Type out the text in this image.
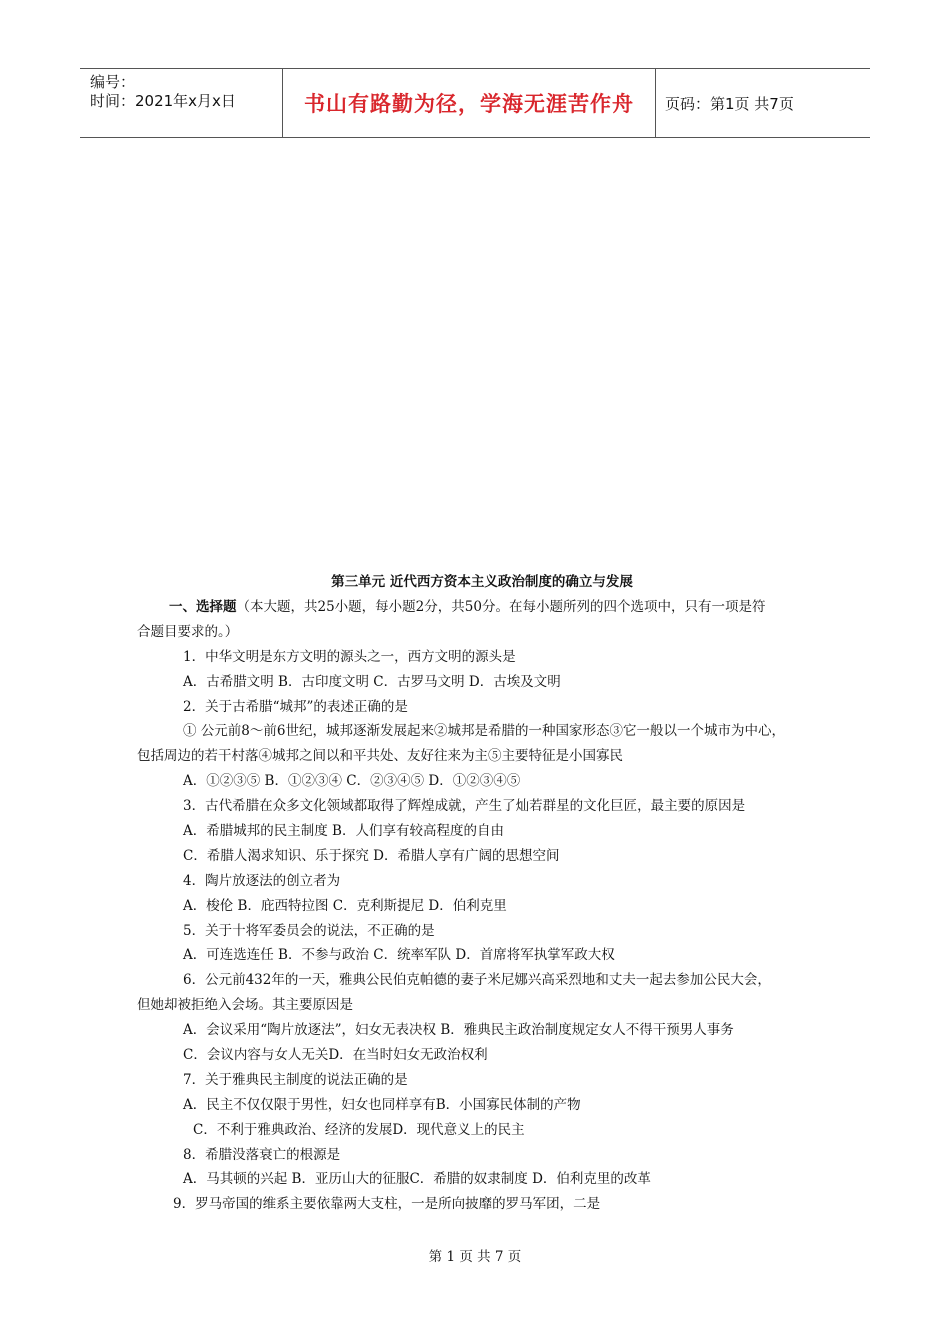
编号：
时间：2021年x月x日	书山有路勤为径，学海无涯苦作舟 页码：第1页 共7页
第三单元 近代西方资本主义政治制度的确立与发展
一、选择题（本大题，共25小题，每小题2分，共50分。在每小题所列的四个选项中，只有一项是符
合题目要求的。）
1．中华文明是东方文明的源头之一，西方文明的源头是
A．古希腊文明 B．古印度文明 C．古罗马文明 D．古埃及文明
2．关于古希腊“城邦”的表述正确的是
① 公元前8～前6世纪，城邦逐渐发展起来②城邦是希腊的一种国家形态③它一般以一个城市为中心，
包括周边的若干村落④城邦之间以和平共处、友好往来为主⑤主要特征是小国寡民
A．①②③⑤ B．①②③④ C．②③④⑤ D．①②③④⑤
3．古代希腊在众多文化领域都取得了辉煌成就，产生了灿若群星的文化巨匠，最主要的原因是
A．希腊城邦的民主制度 B．人们享有较高程度的自由
C．希腊人渴求知识、乐于探究 D．希腊人享有广阔的思想空间
4．陶片放逐法的创立者为
A．梭伦 B．庇西特拉图 C．克利斯提尼 D．伯利克里
5．关于十将军委员会的说法，不正确的是
A．可连选连任 B．不参与政治 C．统率军队 D．首席将军执掌军政大权
6．公元前432年的一天，雅典公民伯克帕德的妻子米尼娜兴高采烈地和丈夫一起去参加公民大会，
但她却被拒绝入会场。其主要原因是
A．会议采用“陶片放逐法”，妇女无表决权 B．雅典民主政治制度规定女人不得干预男人事务
C．会议内容与女人无关D．在当时妇女无政治权利
7．关于雅典民主制度的说法正确的是
A．民主不仅仅限于男性，妇女也同样享有B．小国寡民体制的产物
C．不利于雅典政治、经济的发展D．现代意义上的民主
8．希腊没落衰亡的根源是
A．马其顿的兴起 B．亚历山大的征服C．希腊的奴隶制度 D．伯利克里的改革
9．罗马帝国的维系主要依靠两大支柱，一是所向披靡的罗马军团，二是
第 1 页 共 7 页
